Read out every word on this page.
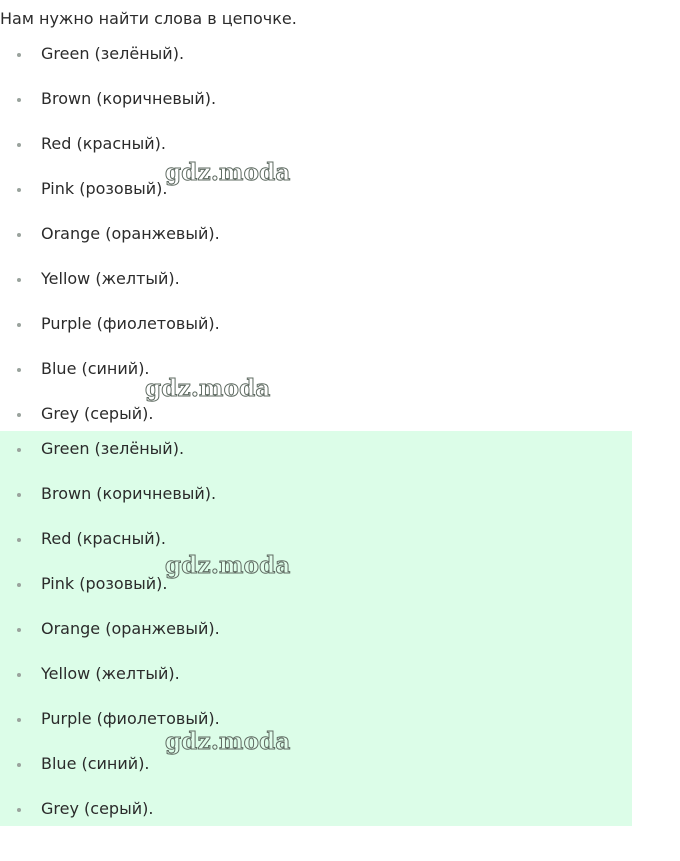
Нам нужно найти слова в цепочке.
Green (зелёный).
Brown (коричневый).
Red (красный).
Pink (розовый).
Orange (оранжевый).
Yellow (желтый).
Purple (фиолетовый).
Blue (синий).
Grey (серый).
Green (зелёный).
Brown (коричневый).
Red (красный).
Pink (розовый).
Orange (оранжевый).
Yellow (желтый).
Purple (фиолетовый).
Blue (синий).
Grey (серый).
gdz.moda
gdz.moda
gdz.moda
gdz.moda
